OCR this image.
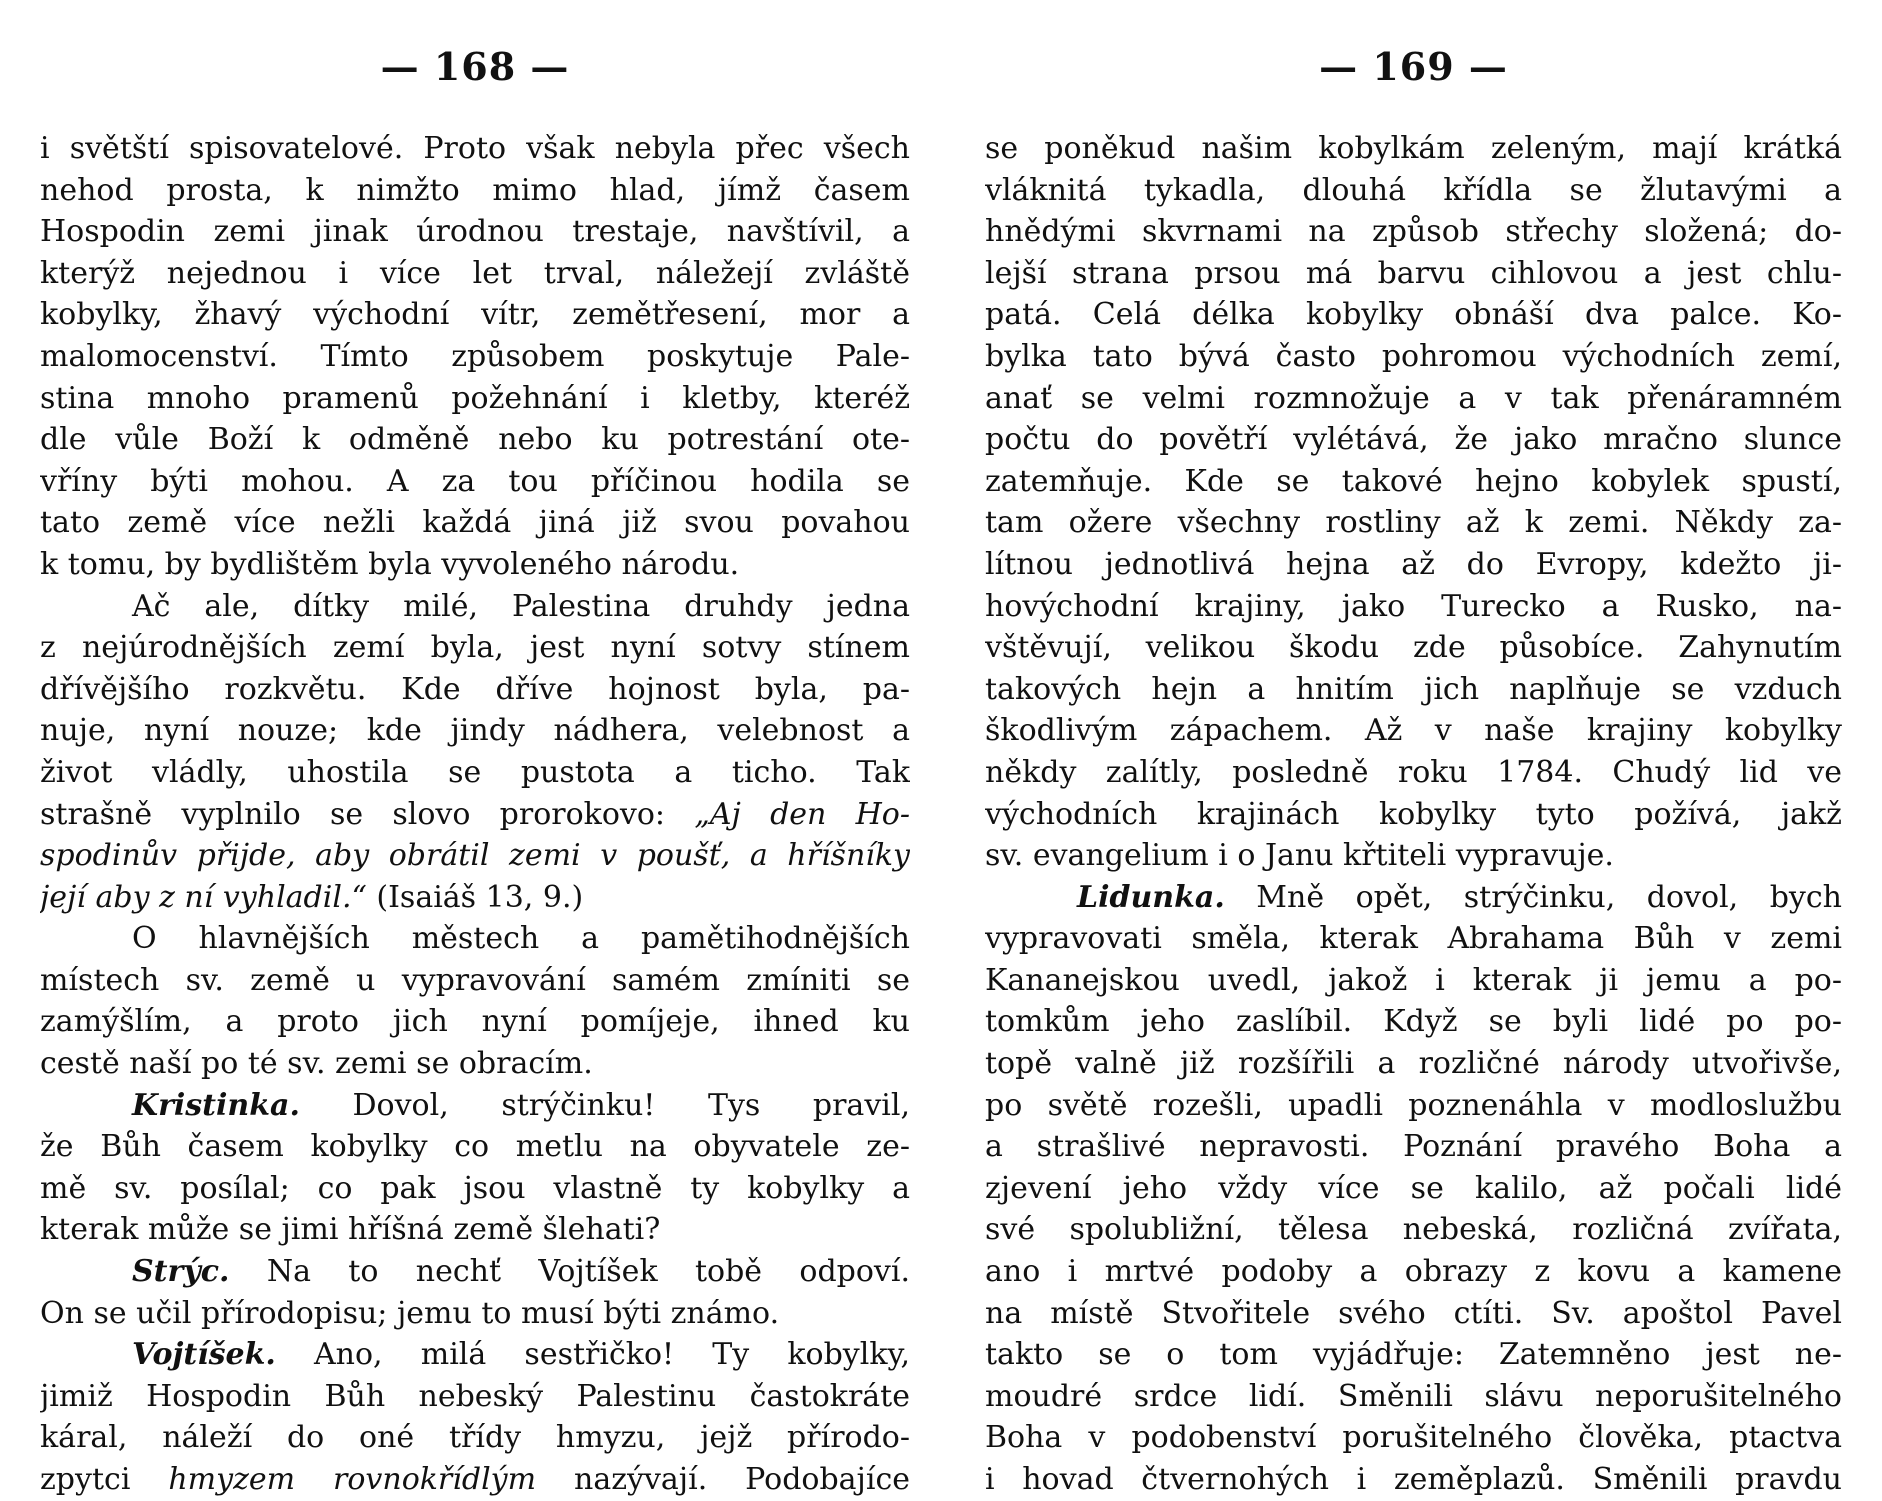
— 168 —
i světští spisovatelové. Proto však nebyla přec všech
nehod prosta, k nimžto mimo hlad, jímž časem
Hospodin zemi jinak úrodnou trestaje, navštívil, a
kterýž nejednou i více let trval, náležejí zvláště
kobylky, žhavý východní vítr, zemětřesení, mor a
malomocenství. Tímto způsobem poskytuje Pale-
stina mnoho pramenů požehnání i kletby, kteréž
dle vůle Boží k odměně nebo ku potrestání ote-
vříny býti mohou. A za tou příčinou hodila se
tato země více nežli každá jiná již svou povahou
k tomu, by bydlištěm byla vyvoleného národu.
Ač ale, dítky milé, Palestina druhdy jedna
z nejúrodnějších zemí byla, jest nyní sotvy stínem
dřívějšího rozkvětu. Kde dříve hojnost byla, pa-
nuje, nyní nouze; kde jindy nádhera, velebnost a
život vládly, uhostila se pustota a ticho. Tak
strašně vyplnilo se slovo prorokovo: „Aj den Ho-
spodinův přijde, aby obrátil zemi v poušť, a hříšníky
její aby z ní vyhladil.“ (Isaiáš 13, 9.)
O hlavnějších městech a pamětihodnějších
místech sv. země u vypravování samém zmíniti se
zamýšlím, a proto jich nyní pomíjeje, ihned ku
cestě naší po té sv. zemi se obracím.
Kristinka. Dovol, strýčinku! Tys pravil,
že Bůh časem kobylky co metlu na obyvatele ze-
mě sv. posílal; co pak jsou vlastně ty kobylky a
kterak může se jimi hříšná země šlehati?
Strýc. Na to nechť Vojtíšek tobě odpoví.
On se učil přírodopisu; jemu to musí býti známo.
Vojtíšek. Ano, milá sestřičko! Ty kobylky,
jimiž Hospodin Bůh nebeský Palestinu častokráte
káral, náleží do oné třídy hmyzu, jejž přírodo-
zpytci hmyzem rovnokřídlým nazývají. Podobajíce
— 169 —
se poněkud našim kobylkám zeleným, mají krátká
vláknitá tykadla, dlouhá křídla se žlutavými a
hnědými skvrnami na způsob střechy složená; do-
lejší strana prsou má barvu cihlovou a jest chlu-
patá. Celá délka kobylky obnáší dva palce. Ko-
bylka tato bývá často pohromou východních zemí,
anať se velmi rozmnožuje a v tak přenáramném
počtu do povětří vylétává, že jako mračno slunce
zatemňuje. Kde se takové hejno kobylek spustí,
tam ožere všechny rostliny až k zemi. Někdy za-
lítnou jednotlivá hejna až do Evropy, kdežto ji-
hovýchodní krajiny, jako Turecko a Rusko, na-
vštěvují, velikou škodu zde působíce. Zahynutím
takových hejn a hnitím jich naplňuje se vzduch
škodlivým zápachem. Až v naše krajiny kobylky
někdy zalítly, posledně roku 1784. Chudý lid ve
východních krajinách kobylky tyto požívá, jakž
sv. evangelium i o Janu křtiteli vypravuje.
Lidunka. Mně opět, strýčinku, dovol, bych
vypravovati směla, kterak Abrahama Bůh v zemi
Kananejskou uvedl, jakož i kterak ji jemu a po-
tomkům jeho zaslíbil. Když se byli lidé po po-
topě valně již rozšířili a rozličné národy utvořivše,
po světě rozešli, upadli poznenáhla v modloslužbu
a strašlivé nepravosti. Poznání pravého Boha a
zjevení jeho vždy více se kalilo, až počali lidé
své spolubližní, tělesa nebeská, rozličná zvířata,
ano i mrtvé podoby a obrazy z kovu a kamene
na místě Stvořitele svého ctíti. Sv. apoštol Pavel
takto se o tom vyjádřuje: Zatemněno jest ne-
moudré srdce lidí. Směnili slávu neporušitelného
Boha v podobenství porušitelného člověka, ptactva
i hovad čtvernohých i zeměplazů. Směnili pravdu
